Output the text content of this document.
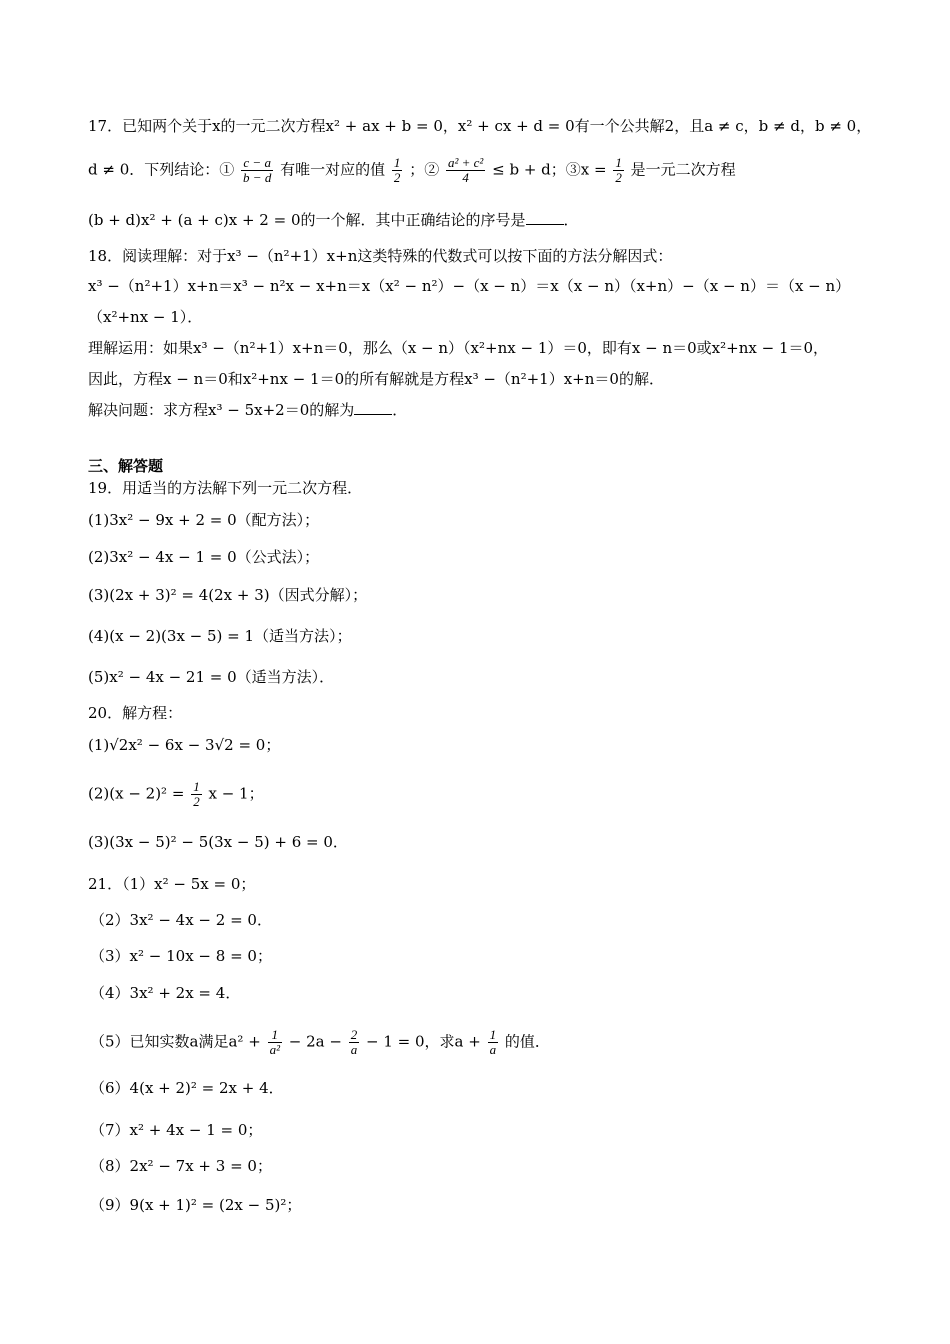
17．已知两个关于x的一元二次方程x² + ax + b = 0，x² + cx + d = 0有一个公共解2，且a ≠ c，b ≠ d，b ≠ 0，
d ≠ 0．下列结论：① $\frac{c - a}{b - d}$ 有唯一对应的值 $\frac{1}{2}$ ；② $\frac{\text{a² + c²}}{4} \le b + d$；③x = $\frac{1}{2}$ 是一元二次方程
(b + d)x² + (a + c)x + 2 = 0的一个解．其中正确结论的序号是	．
18．阅读理解：对于x³ −（n²+1）x+n这类特殊的代数式可以按下面的方法分解因式：
x³ −（n²+1）x+n＝x³ − n²x − x+n＝x（x² − n²）−（x − n）＝x（x − n）（x+n）−（x − n）＝（x − n）
（x²+nx − 1）．
理解运用：如果x³ −（n²+1）x+n＝0，那么（x − n）（x²+nx − 1）＝0，即有x − n＝0或x²+nx − 1＝0，
因此，方程x − n＝0和x²+nx − 1＝0的所有解就是方程x³ −（n²+1）x+n＝0的解．
解决问题：求方程x³ − 5x+2＝0的解为	．
三、解答题
19．用适当的方法解下列一元二次方程．
(1)3x² − 9x + 2 = 0（配方法）；
(2)3x² − 4x − 1 = 0（公式法）；
(3)(2x + 3)² = 4(2x + 3)（因式分解）；
(4)(x − 2)(3x − 5) = 1（适当方法）；
(5)x² − 4x − 21 = 0（适当方法）．
20．解方程：
(1)√2x² − 6x − 3√2 = 0；
$(2)(x - 2)^2 = \frac{1}{2}$ x − 1；
(3)(3x − 5)² − 5(3x − 5) + 6 = 0．
21．（1）x² − 5x = 0；
（2）3x² − 4x − 2 = 0．
（3）x² − 10x − 8 = 0；
（4）3x² + 2x = 4．
（5）已知实数a满足$a^2 + \frac{1}{\text{a²}} - 2a - \frac{2}{a} - 1 = 0$，求$a + \frac{1}{a}$ 的值．
（6）4(x + 2)² = 2x + 4．
（7）x² + 4x − 1 = 0；
（8）2x² − 7x + 3 = 0；
（9）9(x + 1)² = (2x − 5)²；
